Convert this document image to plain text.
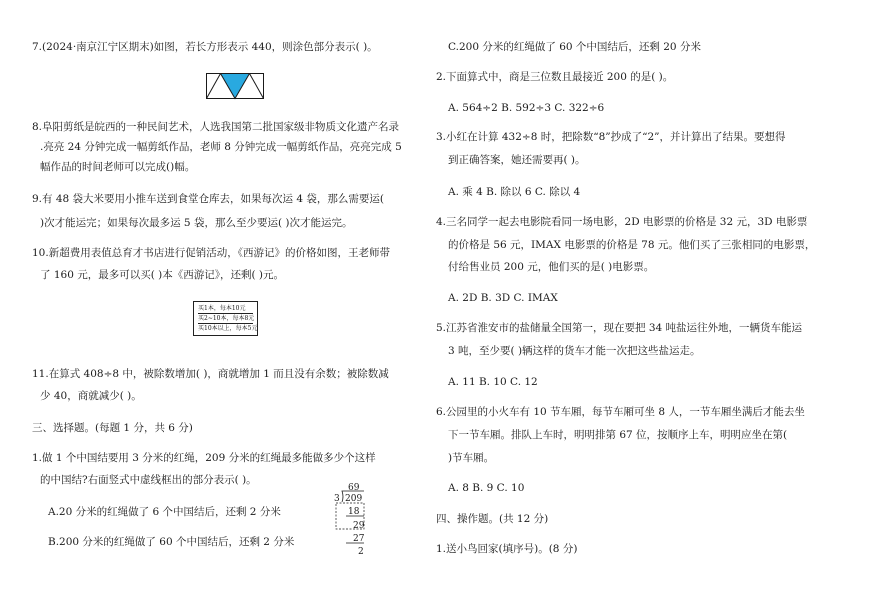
7.(2024·南京江宁区期末)如图，若长方形表示 440，则涂色部分表示( )。
8.阜阳剪纸是皖西的一种民间艺术，人选我国第二批国家级非物质文化遗产名录
.亮亮 24 分钟完成一幅剪纸作品，老师 8 分钟完成一幅剪纸作品，亮亮完成 5
幅作品的时间老师可以完成()幅。
9.有 48 袋大米要用小推车送到食堂仓库去，如果每次运 4 袋，那么需要运(
)次才能运完；如果每次最多运 5 袋，那么至少要运( )次才能运完。
10.新超费用表值总育才书店进行促销活动，《西游记》的价格如图，王老师带
了 160 元，最多可以买( )本《西游记》，还剩( )元。
买1本，每本10元
买2~10本，每本8元
买10本以上，每本5元
11.在算式 408÷8 中，被除数增加( )，商就增加 1 而且没有余数；被除数减
少 40，商就减少( )。
三、选择题。(每题 1 分，共 6 分)
1.做 1 个中国结要用 3 分米的红绳，209 分米的红绳最多能做多少个这样
的中国结?右面竖式中虚线框出的部分表示( )。
A.20 分米的红绳做了 6 个中国结后，还剩 2 分米
B.200 分米的红绳做了 60 个中国结后，还剩 2 分米
69
3 209
18
29
27
2
C.200 分米的红绳做了 60 个中国结后，还剩 20 分米
2.下面算式中，商是三位数且最接近 200 的是( )。
A. 564÷2 B. 592÷3 C. 322÷6
3.小红在计算 432÷8 时，把除数“8”抄成了“2”，并计算出了结果。要想得
到正确答案，她还需要再( )。
A. 乘 4 B. 除以 6 C. 除以 4
4.三名同学一起去电影院看同一场电影，2D 电影票的价格是 32 元，3D 电影票
的价格是 56 元，IMAX 电影票的价格是 78 元。他们买了三张相同的电影票，
付给售业员 200 元，他们买的是( )电影票。
A. 2D B. 3D C. IMAX
5.江苏省淮安市的盐储量全国第一，现在要把 34 吨盐运往外地，一辆货车能运
3 吨，至少要( )辆这样的货车才能一次把这些盐运走。
A. 11 B. 10 C. 12
6.公园里的小火车有 10 节车厢，每节车厢可坐 8 人，一节车厢坐满后才能去坐
下一节车厢。排队上车时，明明排第 67 位，按顺序上车，明明应坐在第(
)节车厢。
A. 8 B. 9 C. 10
四、操作题。(共 12 分)
1.送小鸟回家(填序号)。(8 分)
